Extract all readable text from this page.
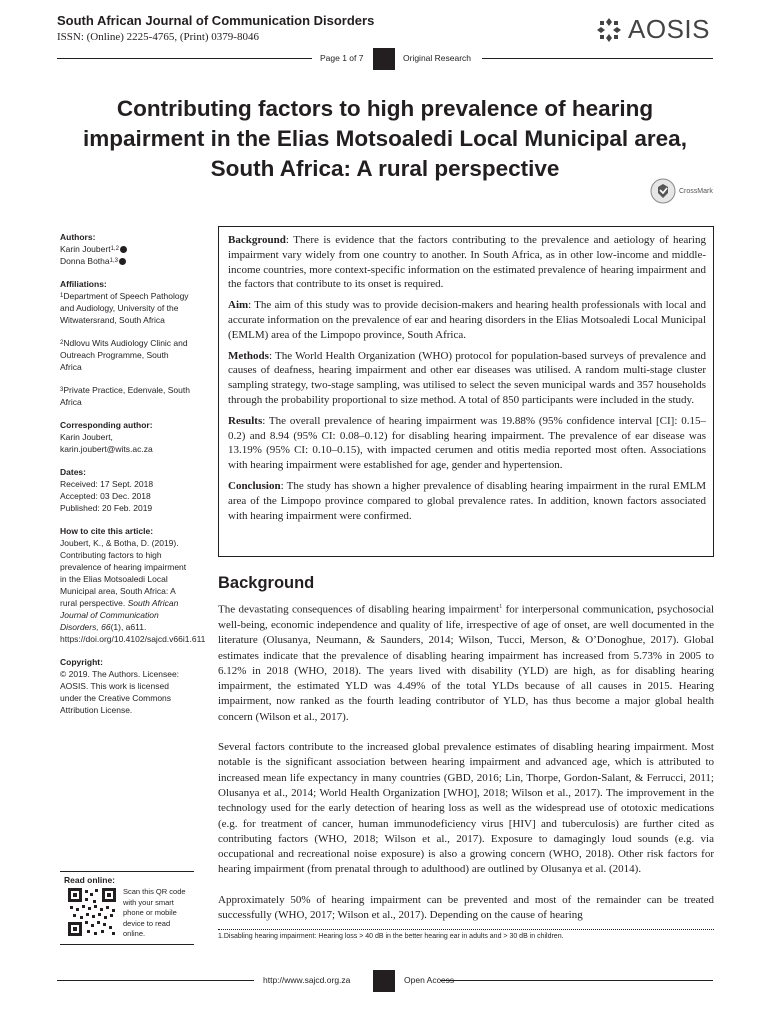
South African Journal of Communication Disorders
ISSN: (Online) 2225-4765, (Print) 0379-8046	AOSIS
Page 1 of 7	Original Research
Contributing factors to high prevalence of hearing impairment in the Elias Motsoaledi Local Municipal area, South Africa: A rural perspective
CrossMark
Authors:
Karin Joubert$^{1,2}$
Donna Botha$^{1,3}$
Affiliations:
$^1$Department of Speech Pathology and Audiology, University of the Witwatersrand, South Africa
$^2$Ndlovu Wits Audiology Clinic and Outreach Programme, South Africa
$^3$Private Practice, Edenvale, South Africa
Corresponding author:
Karin Joubert,
karin.joubert@wits.ac.za
Dates:
Received: 17 Sept. 2018
Accepted: 03 Dec. 2018
Published: 20 Feb. 2019
How to cite this article:
Joubert, K., & Botha, D. (2019). Contributing factors to high prevalence of hearing impairment in the Elias Motsoaledi Local Municipal area, South Africa: A rural perspective. South African Journal of Communication Disorders, 66(1), a611. https://doi.org/10.4102/sajcd.v66i1.611
Copyright:
© 2019. The Authors. Licensee: AOSIS. This work is licensed under the Creative Commons Attribution License.
Read online:
Scan this QR code with your smart phone or mobile device to read online.

Background: There is evidence that the factors contributing to the prevalence and aetiology of hearing impairment vary widely from one country to another. In South Africa, as in other low-income and middle-income countries, more context-specific information on the estimated prevalence of hearing impairment and the factors that contribute to its onset is required.

Aim: The aim of this study was to provide decision-makers and hearing health professionals with local and accurate information on the prevalence of ear and hearing disorders in the Elias Motsoaledi Local Municipal (EMLM) area of the Limpopo province, South Africa.

Methods: The World Health Organization (WHO) protocol for population-based surveys of prevalence and causes of deafness, hearing impairment and other ear diseases was utilised. A random multi-stage cluster sampling strategy, two-stage sampling, was utilised to select the seven municipal wards and 357 households through the probability proportional to size method. A total of 850 participants were included in the study.

Results: The overall prevalence of hearing impairment was 19.88% (95% confidence interval [CI]: 0.15–0.2) and 8.94 (95% CI: 0.08–0.12) for disabling hearing impairment. The prevalence of ear disease was 13.19% (95% CI: 0.10–0.15), with impacted cerumen and otitis media reported most often. Associations with hearing impairment were established for age, gender and hypertension.

Conclusion: The study has shown a higher prevalence of disabling hearing impairment in the rural EMLM area of the Limpopo province compared to global prevalence rates. In addition, known factors associated with hearing impairment were confirmed.

Background

The devastating consequences of disabling hearing impairment$^1$ for interpersonal communication, psychosocial well-being, economic independence and quality of life, irrespective of age of onset, are well documented in the literature (Olusanya, Neumann, & Saunders, 2014; Wilson, Tucci, Merson, & O’Donoghue, 2017). Global estimates indicate that the prevalence of disabling hearing impairment has increased from 5.73% in 2005 to 6.12% in 2018 (WHO, 2018). The years lived with disability (YLD) are high, as for disabling hearing impairment, the estimated YLD was 4.49% of the total YLDs because of all causes in 2015. Hearing impairment, now ranked as the fourth leading contributor of YLD, has thus become a major global health concern (Wilson et al., 2017).

Several factors contribute to the increased global prevalence estimates of disabling hearing impairment. Most notable is the significant association between hearing impairment and advanced age, which is attributed to increased mean life expectancy in many countries (GBD, 2016; Lin, Thorpe, Gordon-Salant, & Ferrucci, 2011; Olusanya et al., 2014; World Health Organization [WHO], 2018; Wilson et al., 2017). The improvement in the technology used for the early detection of hearing loss as well as the widespread use of ototoxic medications (e.g. for treatment of cancer, human immunodeficiency virus [HIV] and tuberculosis) are further cited as contributing factors (WHO, 2018; Wilson et al., 2017). Exposure to damagingly loud sounds (e.g. via occupational and recreational noise exposure) is also a growing concern (WHO, 2018). Other risk factors for hearing impairment (from prenatal through to adulthood) are outlined by Olusanya et al. (2014).

Approximately 50% of hearing impairment can be prevented and most of the remainder can be treated successfully (WHO, 2017; Wilson et al., 2017). Depending on the cause of hearing

1.Disabling hearing impairment: Hearing loss > 40 dB in the better hearing ear in adults and > 30 dB in children.
http://www.sajcd.org.za	Open Access
